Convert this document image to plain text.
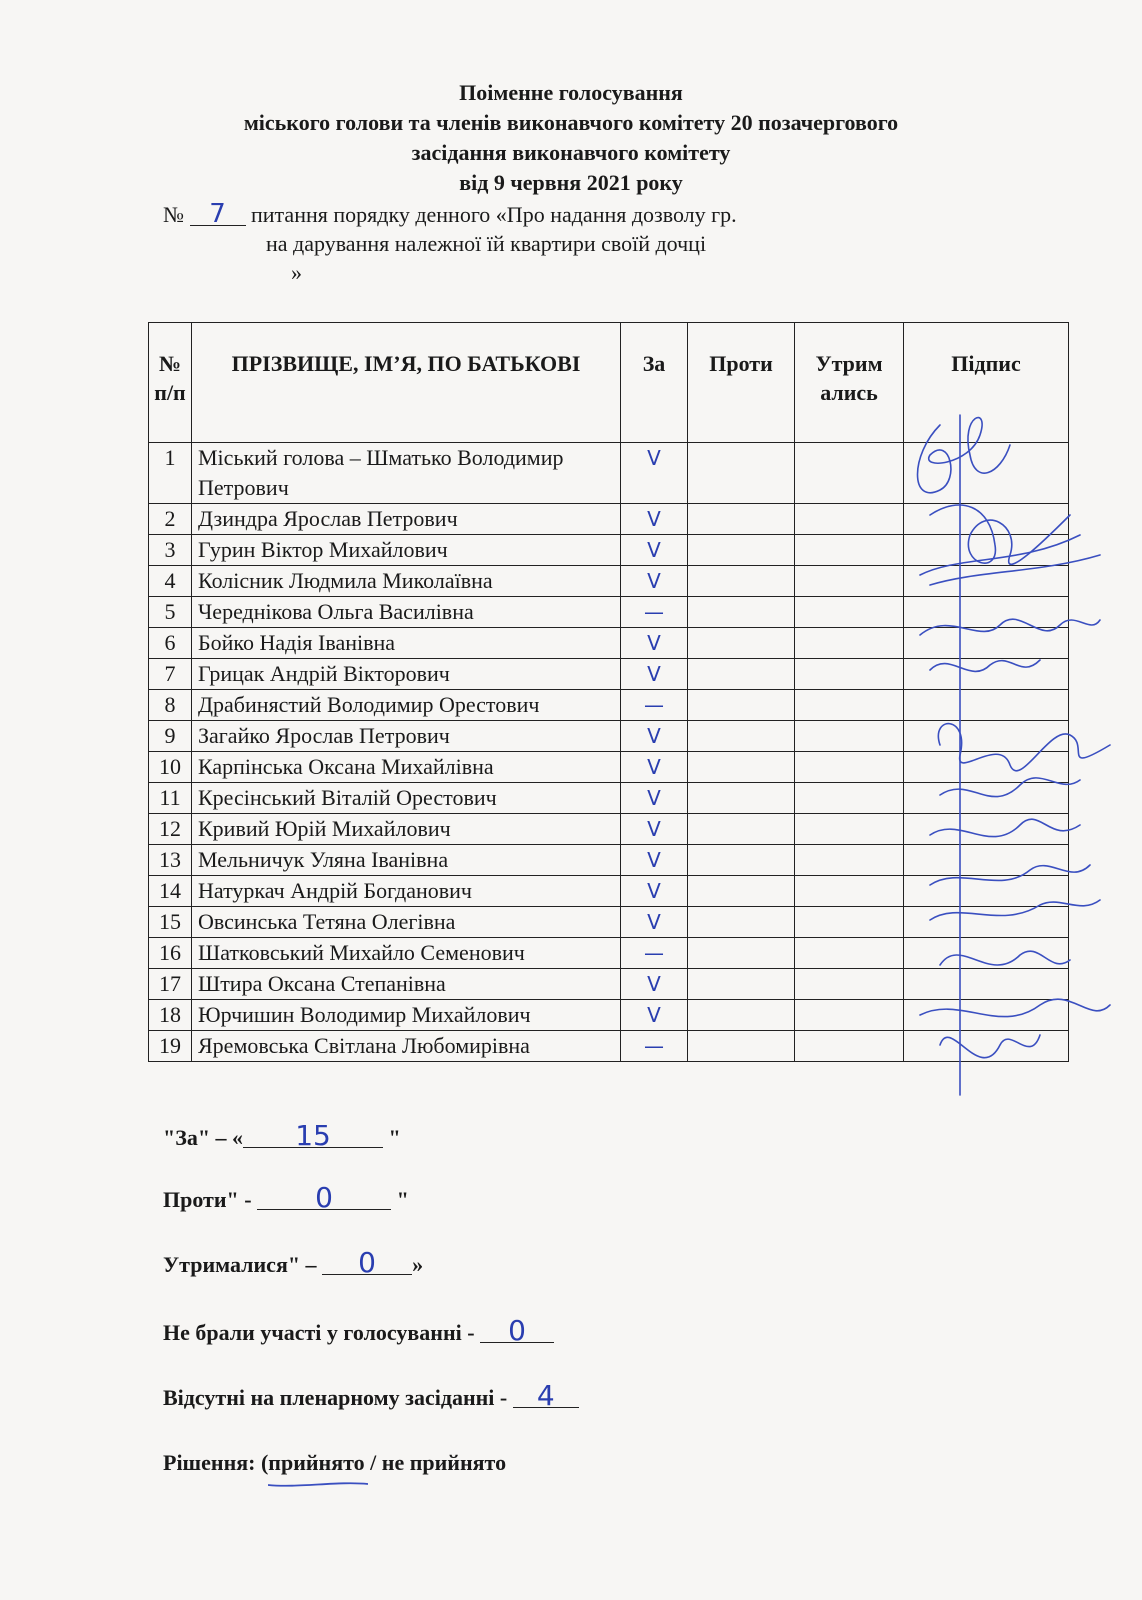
Поіменне голосування
міського голови та членів виконавчого комітету 20 позачергового
засідання виконавчого комітету
від 9 червня 2021 року
№ 7 питання порядку денного «Про надання дозволу гр.
на дарування належної їй квартири своїй дочці
»
№ п/п	ПРІЗВИЩЕ, ІМ’Я, ПО БАТЬКОВІ	За	Проти	Утрим ались	Підпис
1	Міський голова – Шматько Володимир Петрович	V			

2	Дзиндра Ярослав Петрович	V			

3	Гурин Віктор Михайлович	V			

4	Колісник Людмила Миколаївна	V			

5	Череднікова Ольга Василівна	—			

6	Бойко Надія Іванівна	V			

7	Грицак Андрій Вікторович	V			

8	Драбинястий Володимир Орестович	—			

9	Загайко Ярослав Петрович	V			

10	Карпінська Оксана Михайлівна	V			

11	Кресінський Віталій Орестович	V			

12	Кривий Юрій Михайлович	V			

13	Мельничук Уляна Іванівна	V			

14	Натуркач Андрій Богданович	V			

15	Овсинська Тетяна Олегівна	V			

16	Шатковський Михайло Семенович	—			

17	Штира Оксана Степанівна	V			

18	Юрчишин Володимир Михайлович	V			

19	Яремовська Світлана Любомирівна	—			

"За" – « 15 "
Проти" - 0	"
Утрималися" – 0 »
Не брали участі у голосуванні - 0
Відсутні на пленарному засіданні - 4
Рішення: (прийнято
/ не прийнято
